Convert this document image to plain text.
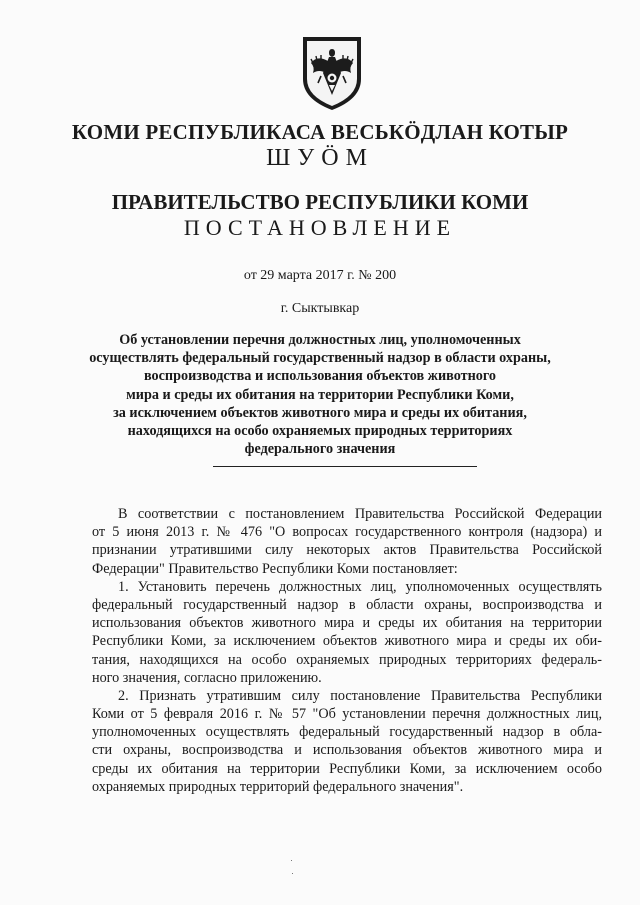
КОМИ РЕСПУБЛИКАСА ВЕСЬКӦДЛАН КОТЫР
ШУӦМ
ПРАВИТЕЛЬСТВО РЕСПУБЛИКИ КОМИ
ПОСТАНОВЛЕНИЕ
от 29 марта 2017 г. № 200
г. Сыктывкар
Об установлении перечня должностных лиц, уполномоченных
осуществлять федеральный государственный надзор в области охраны,
воспроизводства и использования объектов животного
мира и среды их обитания на территории Республики Коми,
за исключением объектов животного мира и среды их обитания,
находящихся на особо охраняемых природных территориях
федерального значения
В соответствии с постановлением Правительства Российской Федерации
от 5 июня 2013 г. № 476 "О вопросах государственного контроля (надзора) и
признании утратившими силу некоторых актов Правительства Российской
Федерации" Правительство Республики Коми постановляет:
1. Установить перечень должностных лиц, уполномоченных осуществлять
федеральный государственный надзор в области охраны, воспроизводства и
использования объектов животного мира и среды их обитания на территории
Республики Коми, за исключением объектов животного мира и среды их оби-
тания, находящихся на особо охраняемых природных территориях федераль-
ного значения, согласно приложению.
2. Признать утратившим силу постановление Правительства Республики
Коми от 5 февраля 2016 г. № 57 "Об установлении перечня должностных лиц,
уполномоченных осуществлять федеральный государственный надзор в обла-
сти охраны, воспроизводства и использования объектов животного мира и
среды их обитания на территории Республики Коми, за исключением особо
охраняемых природных территорий федерального значения".
